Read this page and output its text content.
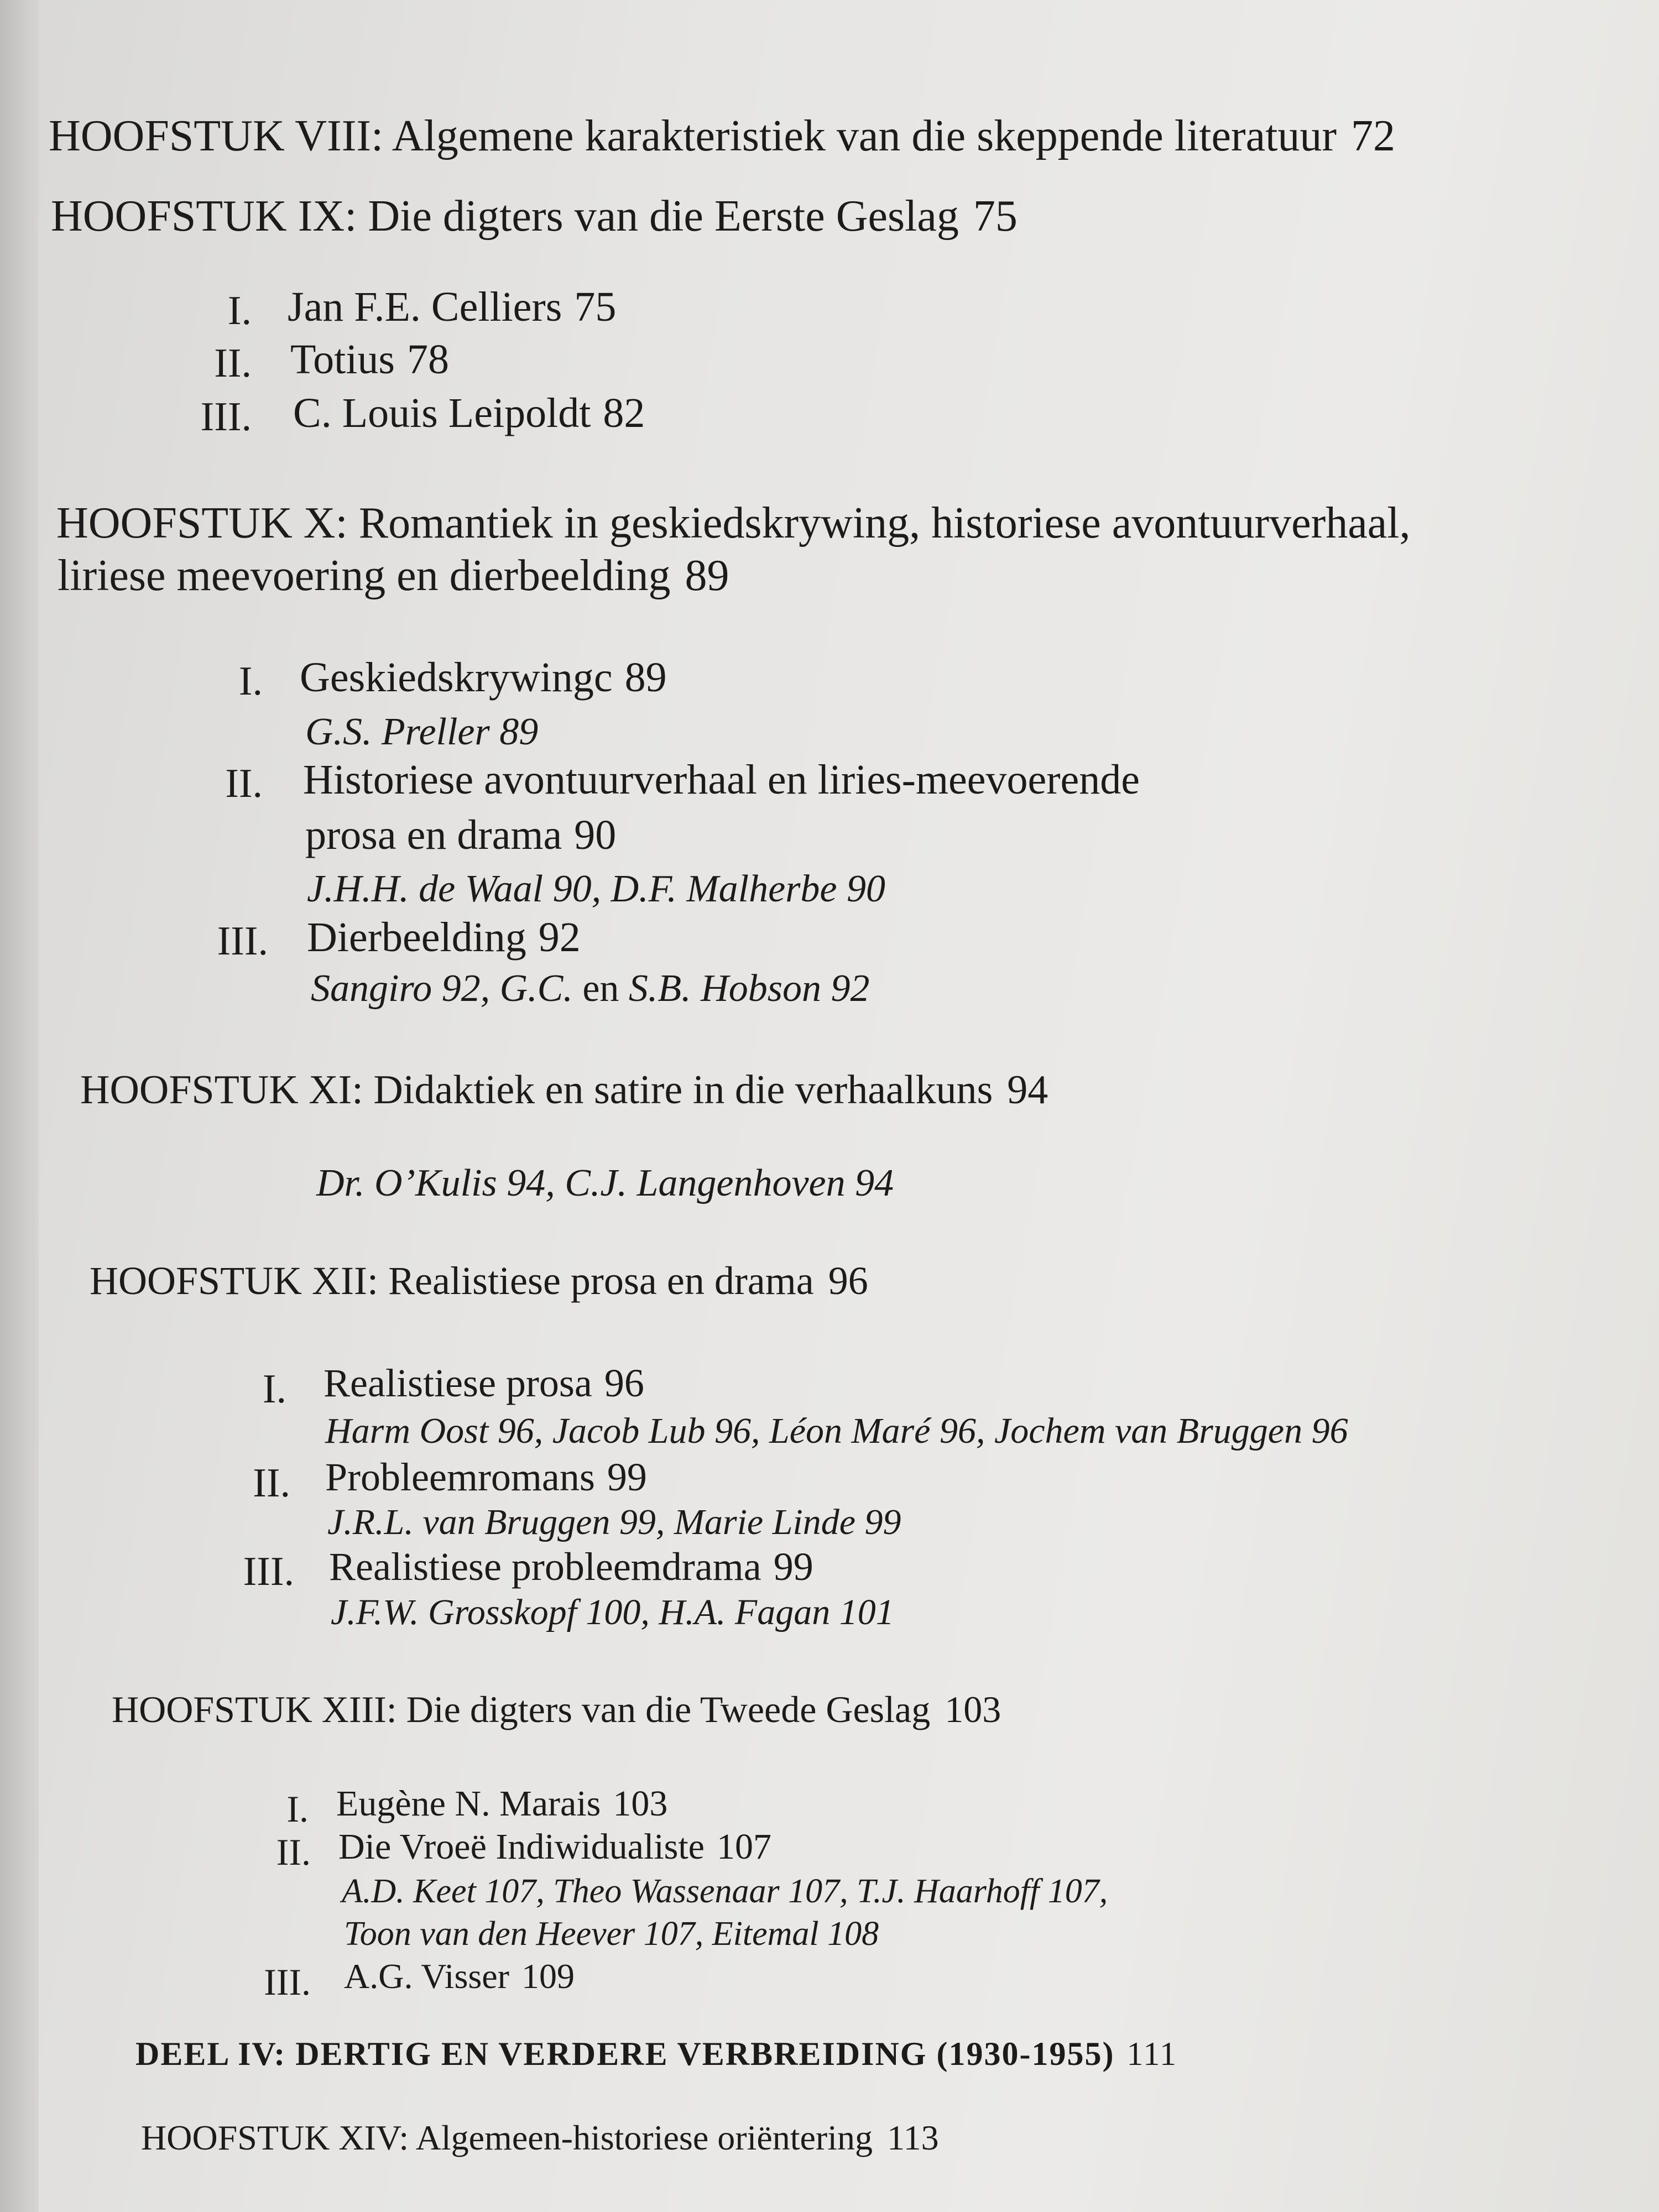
HOOFSTUK VIII: Algemene karakteristiek van die skeppende literatuur 72
HOOFSTUK IX: Die digters van die Eerste Geslag 75
I. Jan F.E. Celliers 75
II. Totius 78
III. C. Louis Leipoldt 82
HOOFSTUK X: Romantiek in geskiedskrywing, historiese avontuurverhaal,
liriese meevoering en dierbeelding 89
I. Geskiedskrywingc 89
G.S. Preller 89
II. Historiese avontuurverhaal en liries-meevoerende
prosa en drama 90
J.H.H. de Waal 90, D.F. Malherbe 90
III. Dierbeelding 92
Sangiro 92, G.C. en S.B. Hobson 92
HOOFSTUK XI: Didaktiek en satire in die verhaalkuns 94
Dr. O’Kulis 94, C.J. Langenhoven 94
HOOFSTUK XII: Realistiese prosa en drama 96
I. Realistiese prosa 96
Harm Oost 96, Jacob Lub 96, Léon Maré 96, Jochem van Bruggen 96
II. Probleemromans 99
J.R.L. van Bruggen 99, Marie Linde 99
III. Realistiese probleemdrama 99
J.F.W. Grosskopf 100, H.A. Fagan 101
HOOFSTUK XIII: Die digters van die Tweede Geslag 103
I. Eugène N. Marais 103
II. Die Vroeë Indiwidualiste 107
A.D. Keet 107, Theo Wassenaar 107, T.J. Haarhoff 107,
Toon van den Heever 107, Eitemal 108
III. A.G. Visser 109
DEEL IV: DERTIG EN VERDERE VERBREIDING (1930-1955) 111
HOOFSTUK XIV: Algemeen-historiese oriëntering 113
